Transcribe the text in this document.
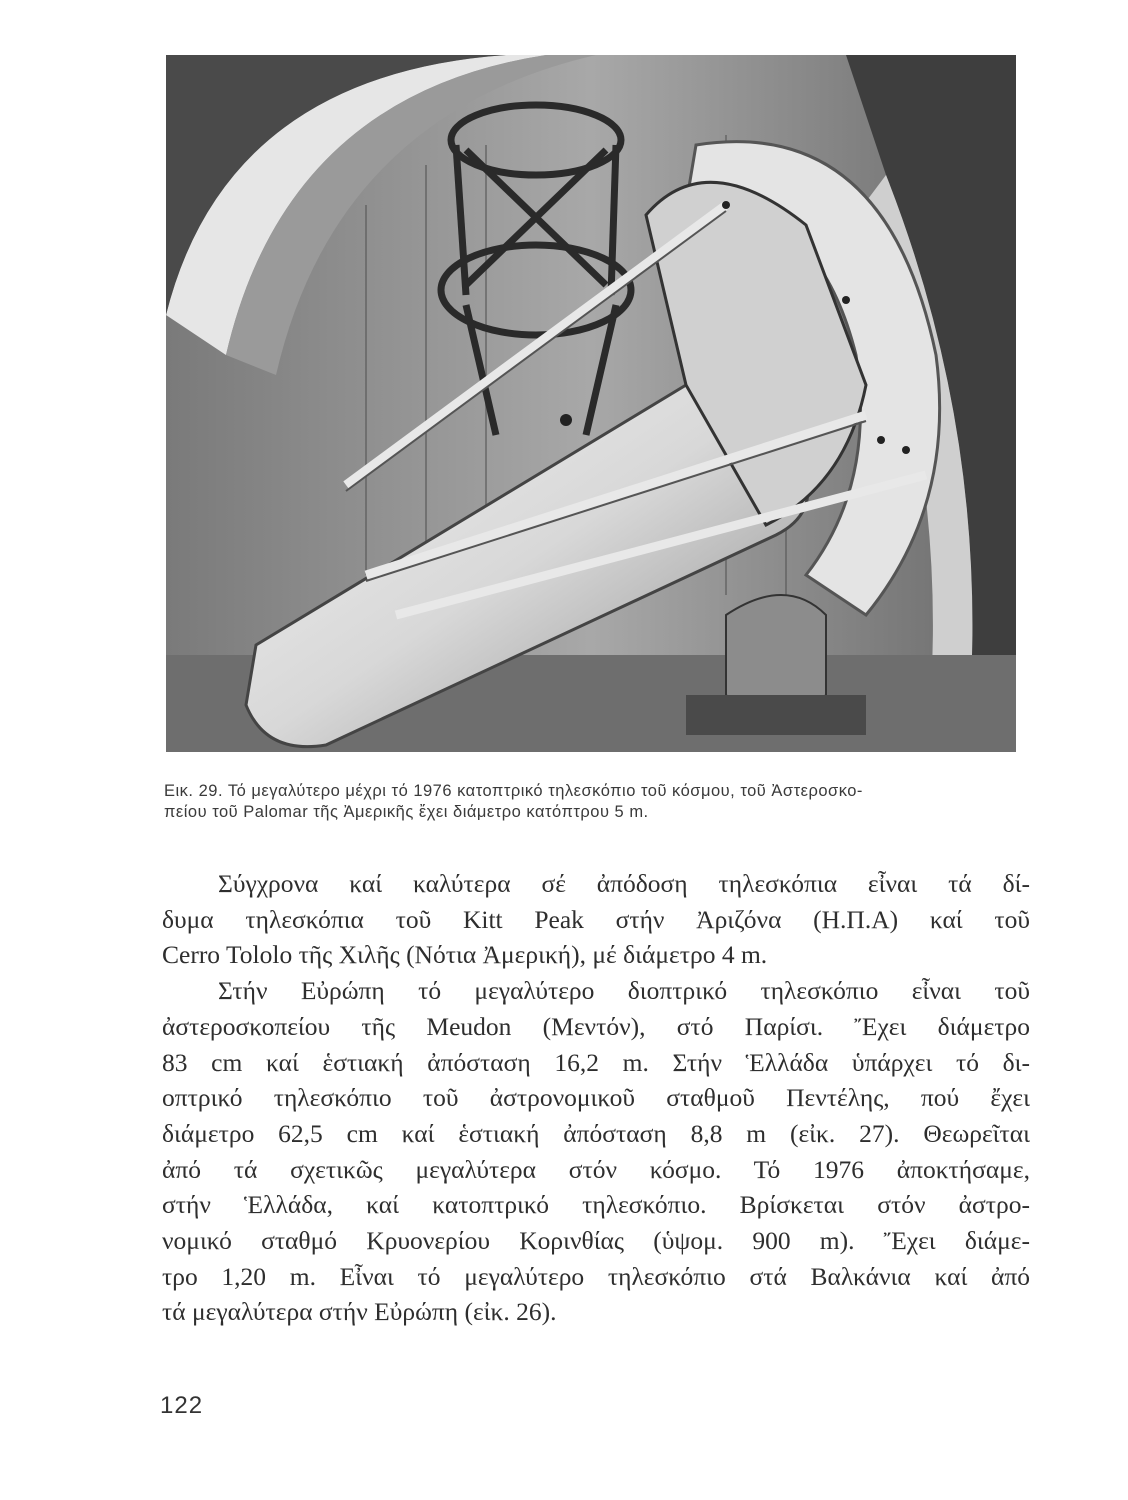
Εικ. 29. Τό μεγαλύτερο μέχρι τό 1976 κατοπτρικό τηλεσκόπιο τοῦ κόσμου, τοῦ Ἀστεροσκο-
πείου τοῦ Palomar τῆς Ἀμερικῆς ἔχει διάμετρο κατόπτρου 5 m.
Σύγχρονα καί καλύτερα σέ ἀπόδοση τηλεσκόπια εἶναι τά δί-
δυμα τηλεσκόπια τοῦ Kitt Peak στήν Ἀριζόνα (Η.Π.Α) καί τοῦ
Cerro Tololo τῆς Χιλῆς (Νότια Ἀμερική), μέ διάμετρο 4 m.
Στήν Εὐρώπη τό μεγαλύτερο διοπτρικό τηλεσκόπιο εἶναι τοῦ
ἀστεροσκοπείου τῆς Meudon (Μεντόν), στό Παρίσι. Ἔχει διάμετρο
83 cm καί ἑστιακή ἀπόσταση 16,2 m. Στήν Ἑλλάδα ὑπάρχει τό δι-
οπτρικό τηλεσκόπιο τοῦ ἀστρονομικοῦ σταθμοῦ Πεντέλης, πού ἔχει
διάμετρο 62,5 cm καί ἑστιακή ἀπόσταση 8,8 m (εἰκ. 27). Θεωρεῖται
ἀπό τά σχετικῶς μεγαλύτερα στόν κόσμο. Τό 1976 ἀποκτήσαμε,
στήν Ἑλλάδα, καί κατοπτρικό τηλεσκόπιο. Βρίσκεται στόν ἀστρο-
νομικό σταθμό Κρυονερίου Κορινθίας (ὑψομ. 900 m). Ἔχει διάμε-
τρο 1,20 m. Εἶναι τό μεγαλύτερο τηλεσκόπιο στά Βαλκάνια καί ἀπό
τά μεγαλύτερα στήν Εὐρώπη (εἰκ. 26).
122
